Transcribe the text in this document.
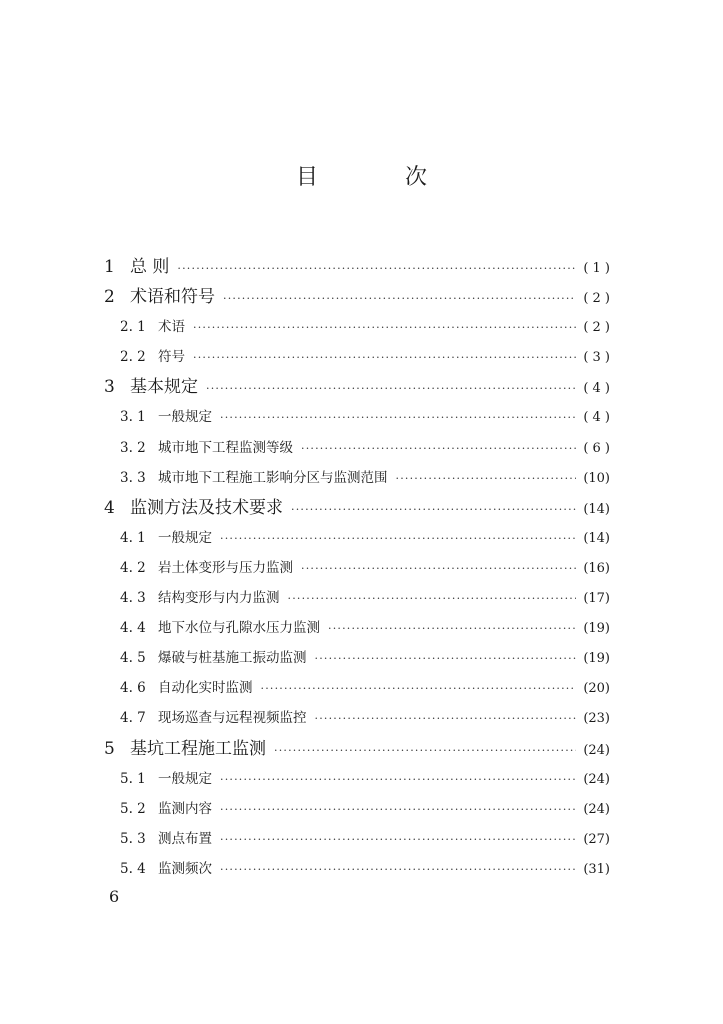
目 次
1 总 则 ·····	( 1 )
2 术语和符号 ·····	( 2 )
2. 1 术语 ·····	( 2 )
2. 2 符号 ·····	( 3 )
3 基本规定 ·····	( 4 )
3. 1 一般规定 ·····	( 4 )
3. 2 城市地下工程监测等级 ·····	( 6 )
3. 3 城市地下工程施工影响分区与监测范围 ·····	(10)
4 监测方法及技术要求 ·····	(14)
4. 1 一般规定 ·····	(14)
4. 2 岩土体变形与压力监测 ·····	(16)
4. 3 结构变形与内力监测 ·····	(17)
4. 4 地下水位与孔隙水压力监测 ·····	(19)
4. 5 爆破与桩基施工振动监测 ·····	(19)
4. 6 自动化实时监测 ·····	(20)
4. 7 现场巡查与远程视频监控 ·····	(23)
5 基坑工程施工监测 ·····	(24)
5. 1 一般规定 ·····	(24)
5. 2 监测内容 ·····	(24)
5. 3 测点布置 ·····	(27)
5. 4 监测频次 ·····	(31)
6
